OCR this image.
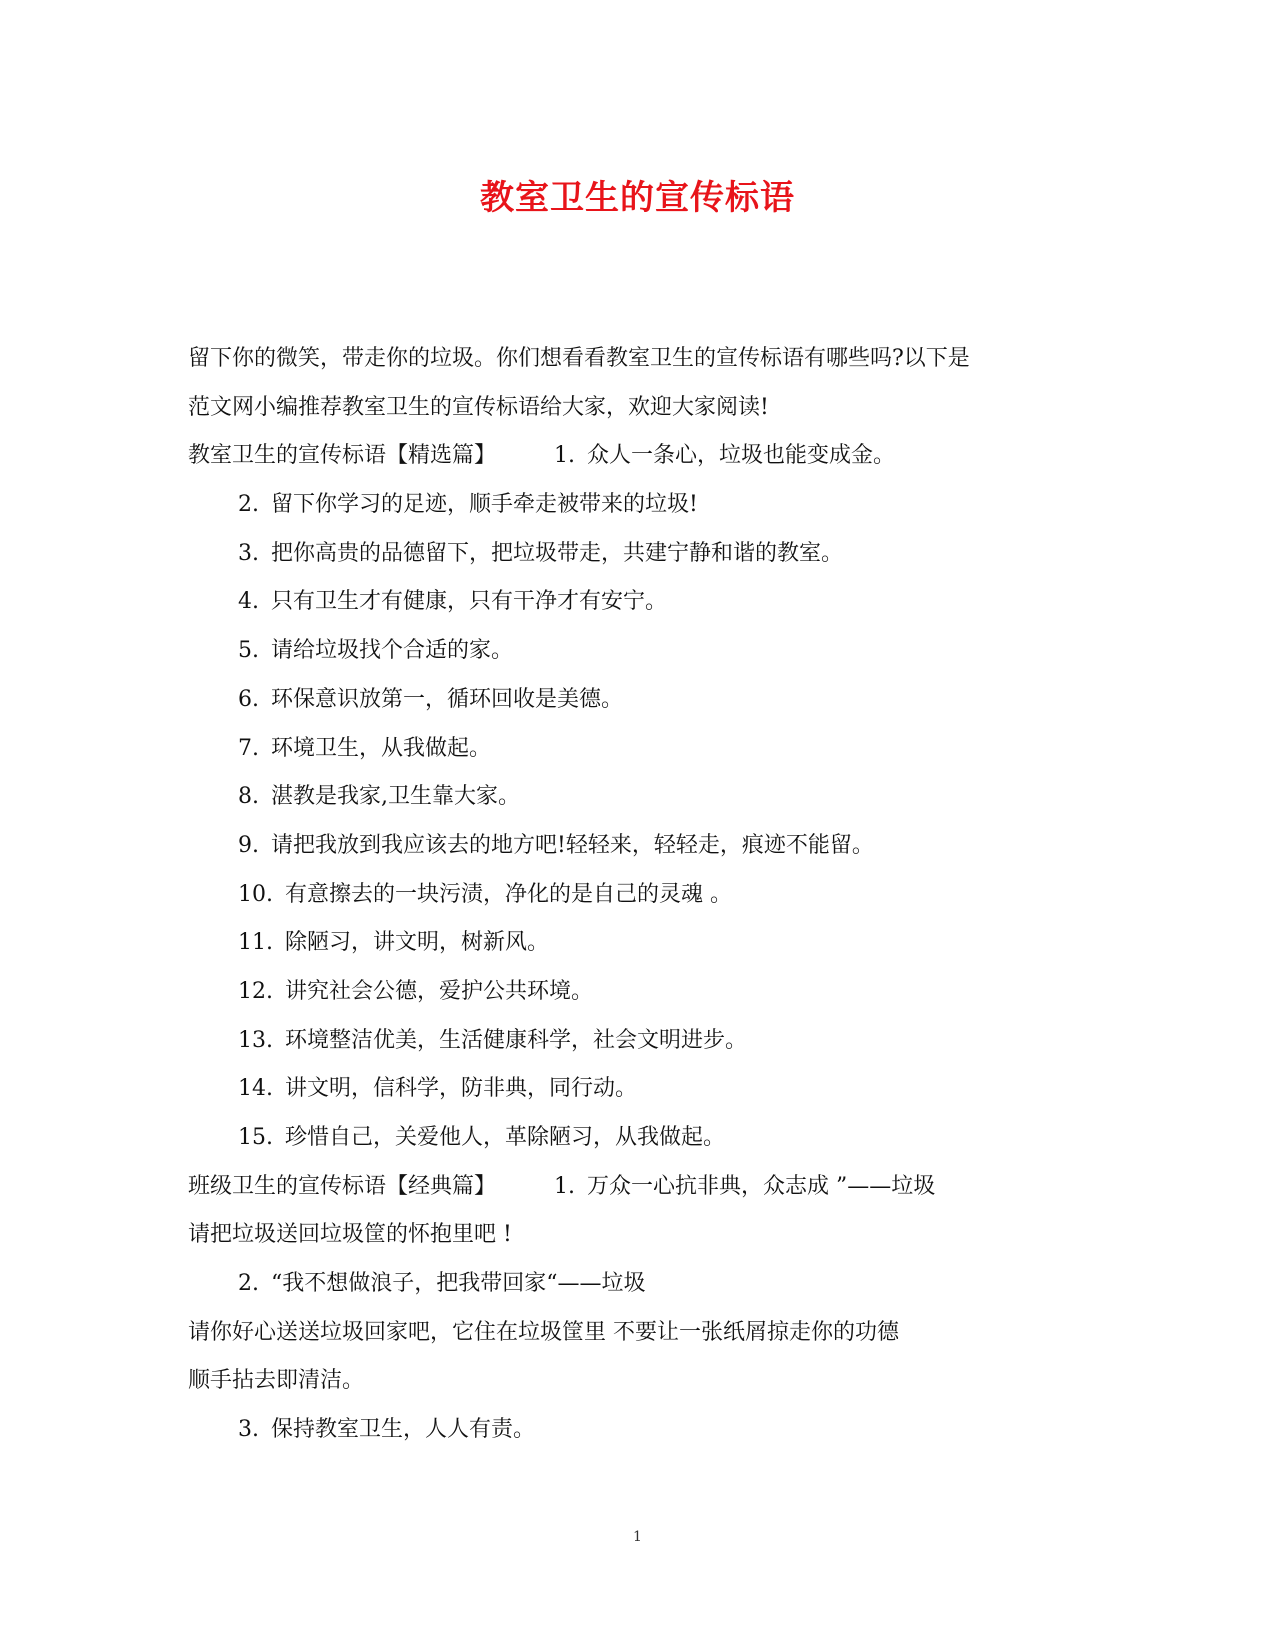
教室卫生的宣传标语
留下你的微笑，带走你的垃圾。你们想看看教室卫生的宣传标语有哪些吗?以下是
范文网小编推荐教室卫生的宣传标语给大家，欢迎大家阅读!
教室卫生的宣传标语【精选篇】	1. 众人一条心，垃圾也能变成金。
2. 留下你学习的足迹，顺手牵走被带来的垃圾!
3. 把你高贵的品德留下，把垃圾带走，共建宁静和谐的教室。
4. 只有卫生才有健康，只有干净才有安宁。
5. 请给垃圾找个合适的家。
6. 环保意识放第一，循环回收是美德。
7. 环境卫生，从我做起。
8. 湛教是我家,卫生靠大家。
9. 请把我放到我应该去的地方吧!轻轻来，轻轻走，痕迹不能留。
10. 有意擦去的一块污渍，净化的是自己的灵魂 。
11. 除陋习，讲文明，树新风。
12. 讲究社会公德，爱护公共环境。
13. 环境整洁优美，生活健康科学，社会文明进步。
14. 讲文明，信科学，防非典，同行动。
15. 珍惜自己，关爱他人，革除陋习，从我做起。
班级卫生的宣传标语【经典篇】	1. 万众一心抗非典，众志成 ”——垃圾
请把垃圾送回垃圾筐的怀抱里吧 !
2. “我不想做浪子，把我带回家“——垃圾
请你好心送送垃圾回家吧，它住在垃圾筐里 不要让一张纸屑掠走你的功德
顺手拈去即清洁。
3. 保持教室卫生，人人有责。
1
